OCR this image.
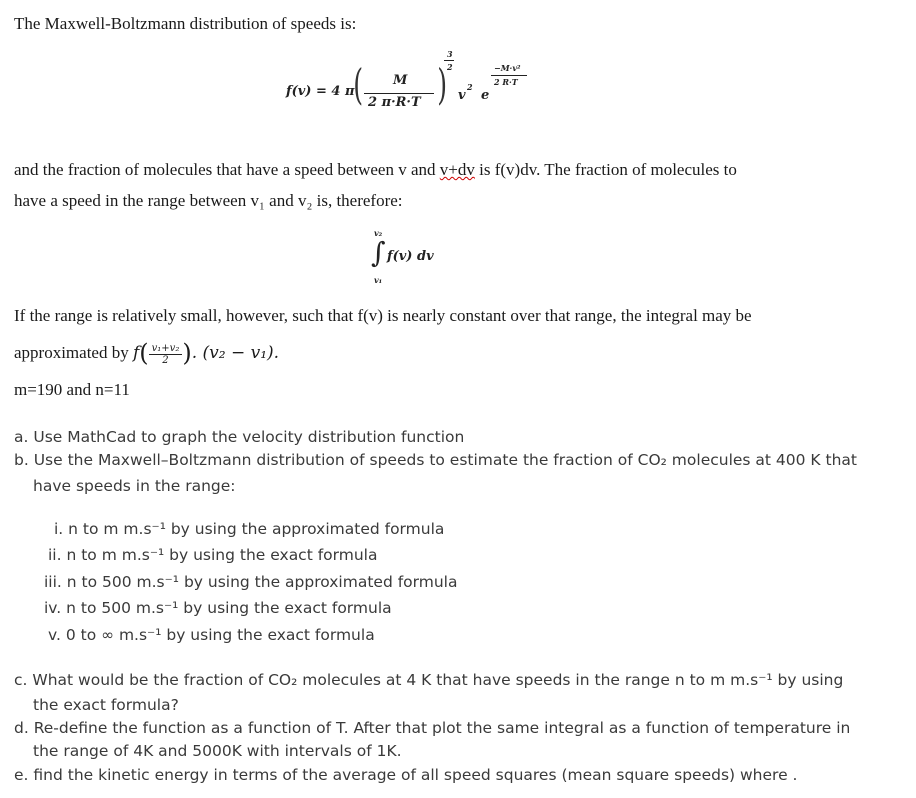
The Maxwell-Boltzmann distribution of speeds is:
f(v) = 4 π
( M
2 π·R·T )
3
2
v
2
e
−M·v²
2 R·T
and the fraction of molecules that have a speed between v and v+dv is f(v)dv. The fraction of molecules to
have a speed in the range between v₁ and v₂ is, therefore:
v₂
∫ f(v) dv
v₁
If the range is relatively small, however, such that f(v) is nearly constant over that range, the integral may be
approximated by $f( \frac{\text{v₁+v₂}}{2}$ ). (v₂ − v₁).
m=190 and n=11
a. Use MathCad to graph the velocity distribution function
b. Use the Maxwell–Boltzmann distribution of speeds to estimate the fraction of CO₂ molecules at 400 K that
have speeds in the range:
i. n to m m.s⁻¹ by using the approximated formula
ii. n to m m.s⁻¹ by using the exact formula
iii. n to 500 m.s⁻¹ by using the approximated formula
iv. n to 500 m.s⁻¹ by using the exact formula
v. 0 to ∞ m.s⁻¹ by using the exact formula
c. What would be the fraction of CO₂ molecules at 4 K that have speeds in the range n to m m.s⁻¹ by using
the exact formula?
d. Re-define the function as a function of T. After that plot the same integral as a function of temperature in
the range of 4K and 5000K with intervals of 1K.
e. find the kinetic energy in terms of the average of all speed squares (mean square speeds) where .
